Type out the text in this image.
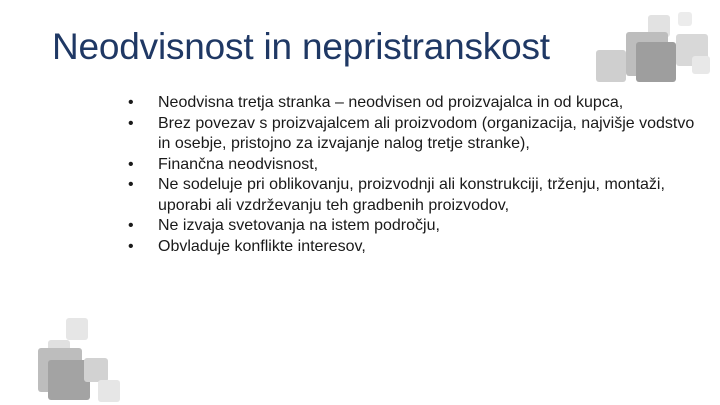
Neodvisnost in nepristranskost
•	Neodvisna tretja stranka – neodvisen od proizvajalca in od kupca,
•	Brez povezav s proizvajalcem ali proizvodom (organizacija, najvišje vodstvo in osebje, pristojno za izvajanje nalog tretje stranke),
•	Finančna neodvisnost,
•	Ne sodeluje pri oblikovanju, proizvodnji ali konstrukciji, trženju, montaži, uporabi ali vzdrževanju teh gradbenih proizvodov,
•	Ne izvaja svetovanja na istem področju,
•	Obvladuje konflikte interesov,
